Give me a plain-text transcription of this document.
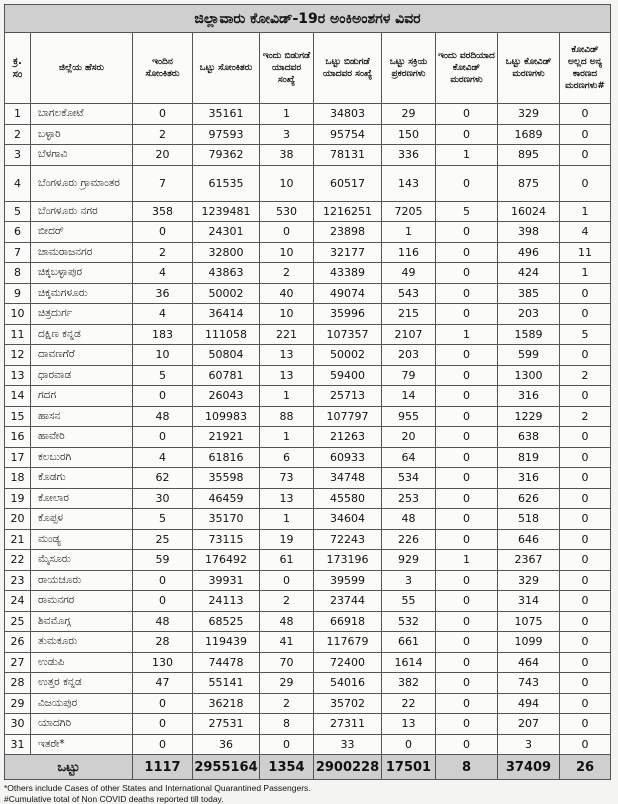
ಜಿಲ್ಲಾವಾರು ಕೋವಿಡ್-19ರ ಅಂಕಿಅಂಶಗಳ ವಿವರ									
ಕ್ರ. ಸಂ	ಜಿಲ್ಲೆಯ ಹೆಸರು	ಇಂದಿನ ಸೋಂಕಿತರು	ಒಟ್ಟು ಸೋಂಕಿತರು	ಇಂದು ಬಿಡುಗಡೆ ಯಾದವರ ಸಂಖ್ಯೆ	ಒಟ್ಟು ಬಿಡುಗಡೆ ಯಾದವರ ಸಂಖ್ಯೆ	ಒಟ್ಟು ಸಕ್ರಿಯ ಪ್ರಕರಣಗಳು	ಇಂದು ವರದಿಯಾದ ಕೋವಿಡ್ ಮರಣಗಳು	ಒಟ್ಟು ಕೋವಿಡ್ ಮರಣಗಳು	ಕೋವಿಡ್ ಅಲ್ಲದ ಅನ್ಯ ಕಾರಣದ ಮರಣಗಳು#
1	ಬಾಗಲಕೋಟೆ	0	35161	1	34803	29	0	329	0
2	ಬಳ್ಳಾರಿ	2	97593	3	95754	150	0	1689	0
3	ಬೆಳಗಾವಿ	20	79362	38	78131	336	1	895	0
4	ಬೆಂಗಳೂರು ಗ್ರಾಮಾಂತರ	7	61535	10	60517	143	0	875	0
5	ಬೆಂಗಳೂರು ನಗರ	358	1239481	530	1216251	7205	5	16024	1
6	ಬೀದರ್	0	24301	0	23898	1	0	398	4
7	ಚಾಮರಾಜನಗರ	2	32800	10	32177	116	0	496	11
8	ಚಿಕ್ಕಬಳ್ಳಾಪುರ	4	43863	2	43389	49	0	424	1
9	ಚಿಕ್ಕಮಗಳೂರು	36	50002	40	49074	543	0	385	0
10	ಚಿತ್ರದುರ್ಗ	4	36414	10	35996	215	0	203	0
11	ದಕ್ಷಿಣ ಕನ್ನಡ	183	111058	221	107357	2107	1	1589	5
12	ದಾವಣಗೆರೆ	10	50804	13	50002	203	0	599	0
13	ಧಾರವಾಡ	5	60781	13	59400	79	0	1300	2
14	ಗದಗ	0	26043	1	25713	14	0	316	0
15	ಹಾಸನ	48	109983	88	107797	955	0	1229	2
16	ಹಾವೇರಿ	0	21921	1	21263	20	0	638	0
17	ಕಲಬುರಗಿ	4	61816	6	60933	64	0	819	0
18	ಕೊಡಗು	62	35598	73	34748	534	0	316	0
19	ಕೋಲಾರ	30	46459	13	45580	253	0	626	0
20	ಕೊಪ್ಪಳ	5	35170	1	34604	48	0	518	0
21	ಮಂಡ್ಯ	25	73115	19	72243	226	0	646	0
22	ಮೈಸೂರು	59	176492	61	173196	929	1	2367	0
23	ರಾಯಚೂರು	0	39931	0	39599	3	0	329	0
24	ರಾಮನಗರ	0	24113	2	23744	55	0	314	0
25	ಶಿವಮೊಗ್ಗ	48	68525	48	66918	532	0	1075	0
26	ತುಮಕೂರು	28	119439	41	117679	661	0	1099	0
27	ಉಡುಪಿ	130	74478	70	72400	1614	0	464	0
28	ಉತ್ತರ ಕನ್ನಡ	47	55141	29	54016	382	0	743	0
29	ವಿಜಯಪುರ	0	36218	2	35702	22	0	494	0
30	ಯಾದಗಿರಿ	0	27531	8	27311	13	0	207	0
31	ಇತರೇ*	0	36	0	33	0	0	3	0
ಒಟ್ಟು		1117	2955164	1354	2900228	17501	8	37409	26
*Others include Cases of other States and International Quarantined Passengers.
#Cumulative total of Non COVID deaths reported till today.
